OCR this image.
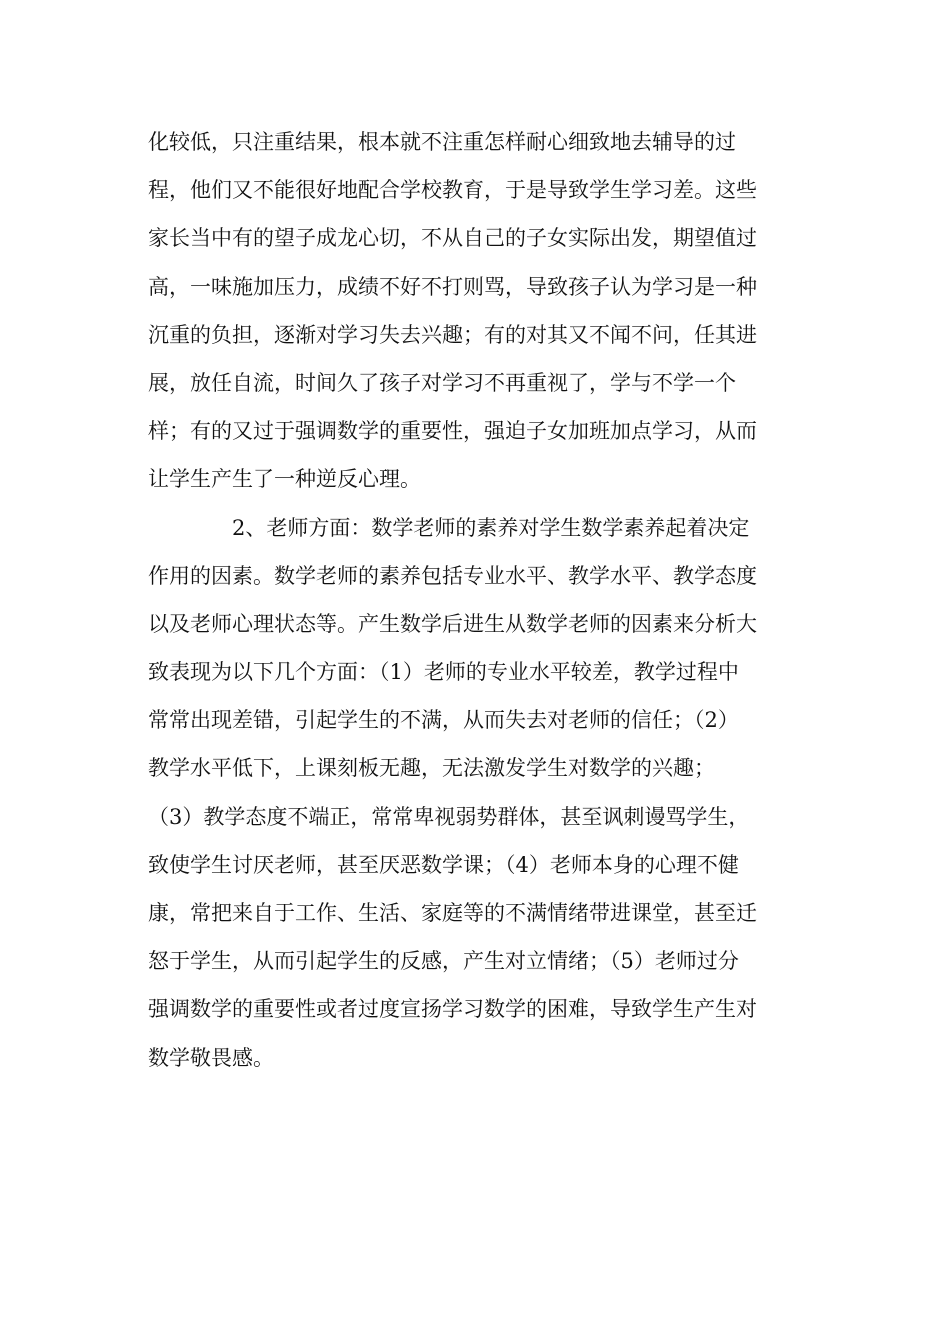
化较低，只注重结果，根本就不注重怎样耐心细致地去辅导的过

程，他们又不能很好地配合学校教育，于是导致学生学习差。这些

家长当中有的望子成龙心切，不从自己的子女实际出发，期望值过

高，一味施加压力，成绩不好不打则骂，导致孩子认为学习是一种

沉重的负担，逐渐对学习失去兴趣；有的对其又不闻不问，任其进

展，放任自流，时间久了孩子对学习不再重视了，学与不学一个

样；有的又过于强调数学的重要性，强迫子女加班加点学习，从而

让学生产生了一种逆反心理。

2、老师方面：数学老师的素养对学生数学素养起着决定

作用的因素。数学老师的素养包括专业水平、教学水平、教学态度

以及老师心理状态等。产生数学后进生从数学老师的因素来分析大

致表现为以下几个方面：（1）老师的专业水平较差，教学过程中

常常出现差错，引起学生的不满，从而失去对老师的信任；（2）

教学水平低下，上课刻板无趣，无法激发学生对数学的兴趣；

（3）教学态度不端正，常常卑视弱势群体，甚至讽刺谩骂学生，

致使学生讨厌老师，甚至厌恶数学课；（4）老师本身的心理不健

康，常把来自于工作、生活、家庭等的不满情绪带进课堂，甚至迁

怒于学生，从而引起学生的反感，产生对立情绪；（5）老师过分

强调数学的重要性或者过度宣扬学习数学的困难，导致学生产生对

数学敬畏感。
